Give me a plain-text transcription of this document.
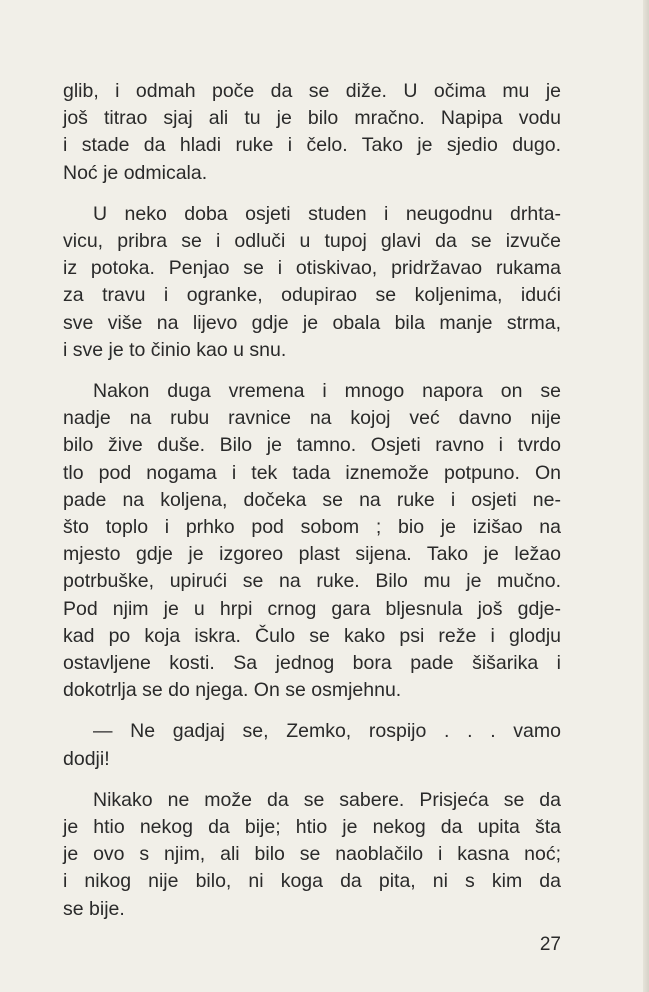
glib, i odmah poče da se diže. U očima mu je
još titrao sjaj ali tu je bilo mračno. Napipa vodu
i stade da hladi ruke i čelo. Tako je sjedio dugo.
Noć je odmicala.

U neko doba osjeti studen i neugodnu drhta-
vicu, pribra se i odluči u tupoj glavi da se izvuče
iz potoka. Penjao se i otiskivao, pridržavao rukama
za travu i ogranke, odupirao se koljenima, idući
sve više na lijevo gdje je obala bila manje strma,
i sve je to činio kao u snu.

Nakon duga vremena i mnogo napora on se
nadje na rubu ravnice na kojoj već davno nije
bilo žive duše. Bilo je tamno. Osjeti ravno i tvrdo
tlo pod nogama i tek tada iznemože potpuno. On
pade na koljena, dočeka se na ruke i osjeti ne-
što toplo i prhko pod sobom ; bio je izišao na
mjesto gdje je izgoreo plast sijena. Tako je ležao
potrbuške, upirući se na ruke. Bilo mu je mučno.
Pod njim je u hrpi crnog gara bljesnula još gdje-
kad po koja iskra. Čulo se kako psi reže i glodju
ostavljene kosti. Sa jednog bora pade šišarika i
dokotrlja se do njega. On se osmjehnu.

— Ne gadjaj se, Zemko, rospijo . . . vamo
dodji!

Nikako ne može da se sabere. Prisjeća se da
je htio nekog da bije; htio je nekog da upita šta
je ovo s njim, ali bilo se naoblačilo i kasna noć;
i nikog nije bilo, ni koga da pita, ni s kim da
se bije.

27
